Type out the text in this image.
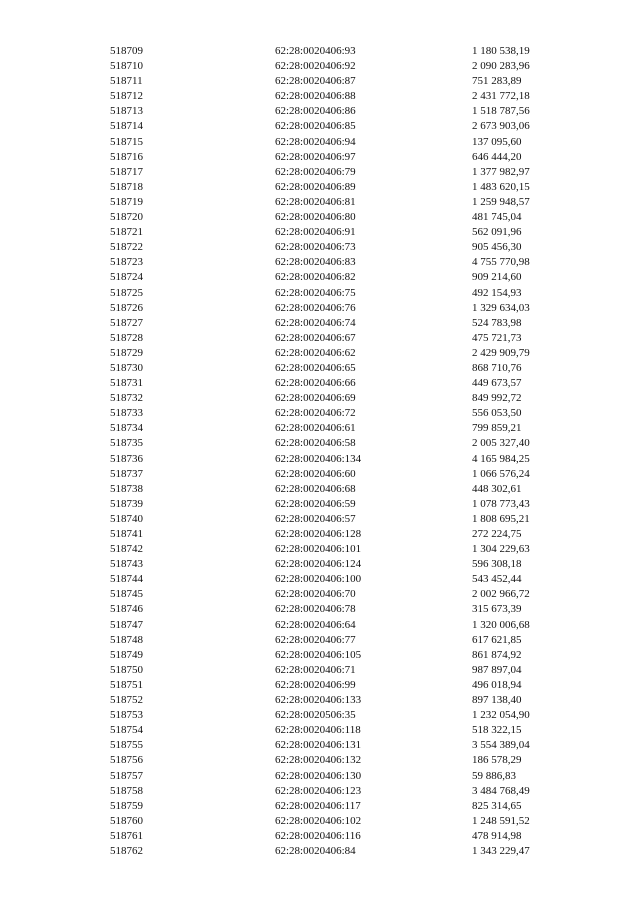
518709	62:28:0020406:93	1 180 538,19
518710	62:28:0020406:92	2 090 283,96
518711	62:28:0020406:87	751 283,89
518712	62:28:0020406:88	2 431 772,18
518713	62:28:0020406:86	1 518 787,56
518714	62:28:0020406:85	2 673 903,06
518715	62:28:0020406:94	137 095,60
518716	62:28:0020406:97	646 444,20
518717	62:28:0020406:79	1 377 982,97
518718	62:28:0020406:89	1 483 620,15
518719	62:28:0020406:81	1 259 948,57
518720	62:28:0020406:80	481 745,04
518721	62:28:0020406:91	562 091,96
518722	62:28:0020406:73	905 456,30
518723	62:28:0020406:83	4 755 770,98
518724	62:28:0020406:82	909 214,60
518725	62:28:0020406:75	492 154,93
518726	62:28:0020406:76	1 329 634,03
518727	62:28:0020406:74	524 783,98
518728	62:28:0020406:67	475 721,73
518729	62:28:0020406:62	2 429 909,79
518730	62:28:0020406:65	868 710,76
518731	62:28:0020406:66	449 673,57
518732	62:28:0020406:69	849 992,72
518733	62:28:0020406:72	556 053,50
518734	62:28:0020406:61	799 859,21
518735	62:28:0020406:58	2 005 327,40
518736	62:28:0020406:134	4 165 984,25
518737	62:28:0020406:60	1 066 576,24
518738	62:28:0020406:68	448 302,61
518739	62:28:0020406:59	1 078 773,43
518740	62:28:0020406:57	1 808 695,21
518741	62:28:0020406:128	272 224,75
518742	62:28:0020406:101	1 304 229,63
518743	62:28:0020406:124	596 308,18
518744	62:28:0020406:100	543 452,44
518745	62:28:0020406:70	2 002 966,72
518746	62:28:0020406:78	315 673,39
518747	62:28:0020406:64	1 320 006,68
518748	62:28:0020406:77	617 621,85
518749	62:28:0020406:105	861 874,92
518750	62:28:0020406:71	987 897,04
518751	62:28:0020406:99	496 018,94
518752	62:28:0020406:133	897 138,40
518753	62:28:0020506:35	1 232 054,90
518754	62:28:0020406:118	518 322,15
518755	62:28:0020406:131	3 554 389,04
518756	62:28:0020406:132	186 578,29
518757	62:28:0020406:130	59 886,83
518758	62:28:0020406:123	3 484 768,49
518759	62:28:0020406:117	825 314,65
518760	62:28:0020406:102	1 248 591,52
518761	62:28:0020406:116	478 914,98
518762	62:28:0020406:84	1 343 229,47
